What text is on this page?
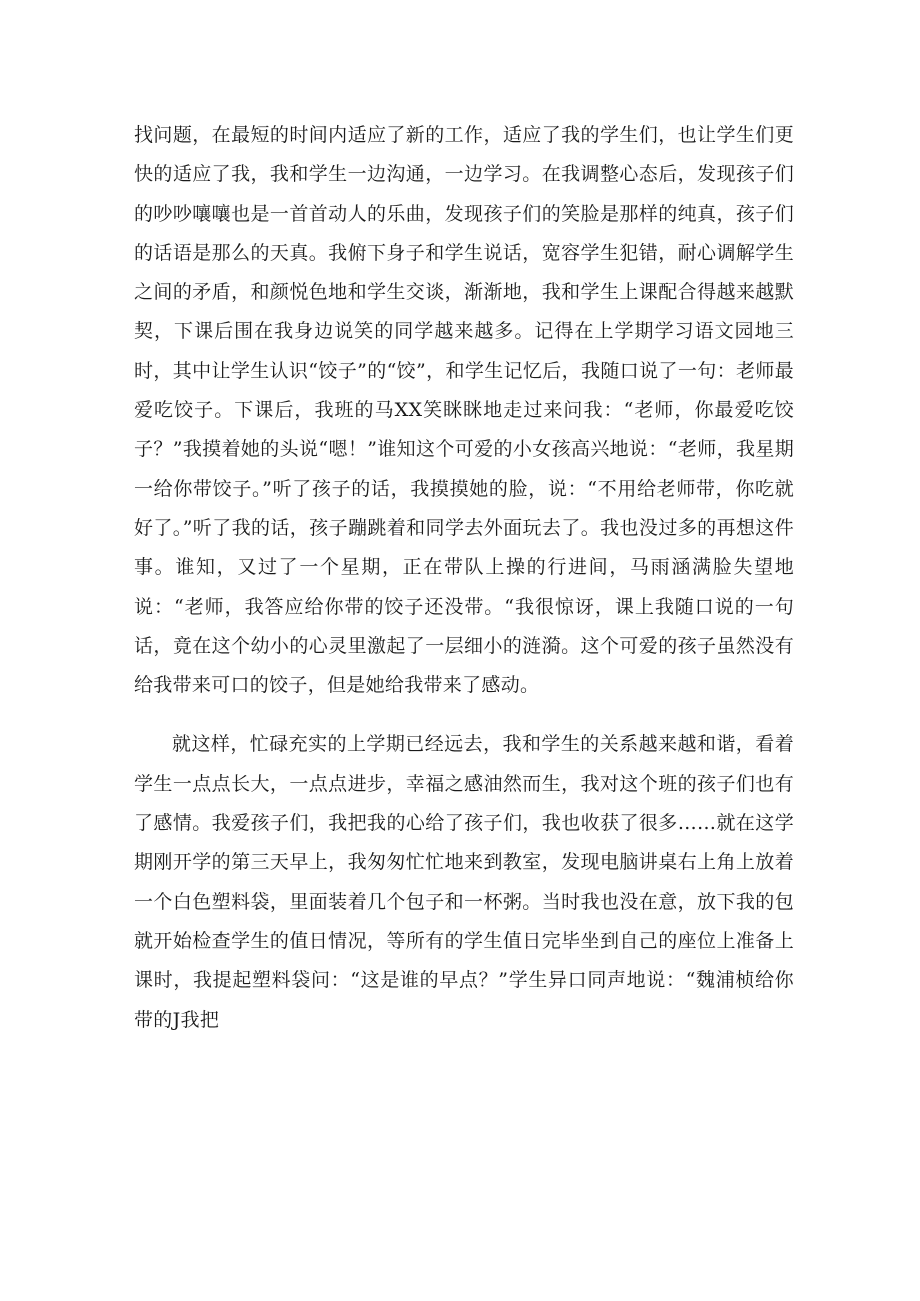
找问题，在最短的时间内适应了新的工作，适应了我的学生们，也让学生们更快的适应了我，我和学生一边沟通，一边学习。在我调整心态后，发现孩子们的吵吵嚷嚷也是一首首动人的乐曲，发现孩子们的笑脸是那样的纯真，孩子们的话语是那么的天真。我俯下身子和学生说话，宽容学生犯错，耐心调解学生之间的矛盾，和颜悦色地和学生交谈，渐渐地，我和学生上课配合得越来越默契，下课后围在我身边说笑的同学越来越多。记得在上学期学习语文园地三时，其中让学生认识“饺子”的“饺”，和学生记忆后，我随口说了一句：老师最爱吃饺子。下课后，我班的马XX笑眯眯地走过来问我：“老师，你最爱吃饺子？”我摸着她的头说“嗯！”谁知这个可爱的小女孩高兴地说：“老师，我星期一给你带饺子。”听了孩子的话，我摸摸她的脸，说：“不用给老师带，你吃就好了。”听了我的话，孩子蹦跳着和同学去外面玩去了。我也没过多的再想这件事。谁知，又过了一个星期，正在带队上操的行进间，马雨涵满脸失望地说：“老师，我答应给你带的饺子还没带。“我很惊讶，课上我随口说的一句话，竟在这个幼小的心灵里激起了一层细小的涟漪。这个可爱的孩子虽然没有给我带来可口的饺子，但是她给我带来了感动。

就这样，忙碌充实的上学期已经远去，我和学生的关系越来越和谐，看着学生一点点长大，一点点进步，幸福之感油然而生，我对这个班的孩子们也有了感情。我爱孩子们，我把我的心给了孩子们，我也收获了很多……就在这学期刚开学的第三天早上，我匆匆忙忙地来到教室，发现电脑讲桌右上角上放着一个白色塑料袋，里面装着几个包子和一杯粥。当时我也没在意，放下我的包就开始检查学生的值日情况，等所有的学生值日完毕坐到自己的座位上准备上课时，我提起塑料袋问：“这是谁的早点？”学生异口同声地说：“魏浦桢给你带的J我把
